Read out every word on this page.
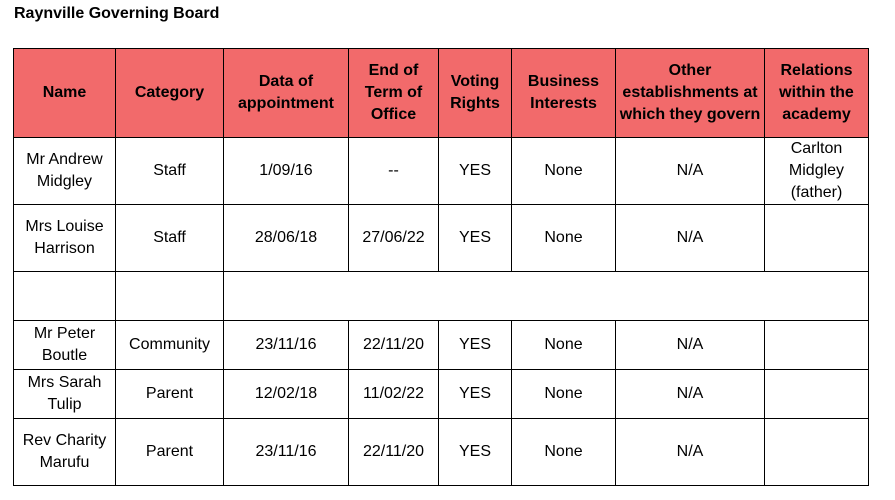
Raynville Governing Board
Name	Category	Data of appointment	End of Term of Office	Voting Rights	Business Interests	Other establishments at which they govern	Relations within the academy
Mr Andrew Midgley	Staff	1/09/16	--	YES	None	N/A	Carlton Midgley (father)
Mrs Louise Harrison	Staff	28/06/18	27/06/22	YES	None	N/A	

Mr Peter Boutle	Community	23/11/16	22/11/20	YES	None	N/A	
Mrs Sarah Tulip	Parent	12/02/18	11/02/22	YES	None	N/A	
Rev Charity Marufu	Parent	23/11/16	22/11/20	YES	None	N/A	
